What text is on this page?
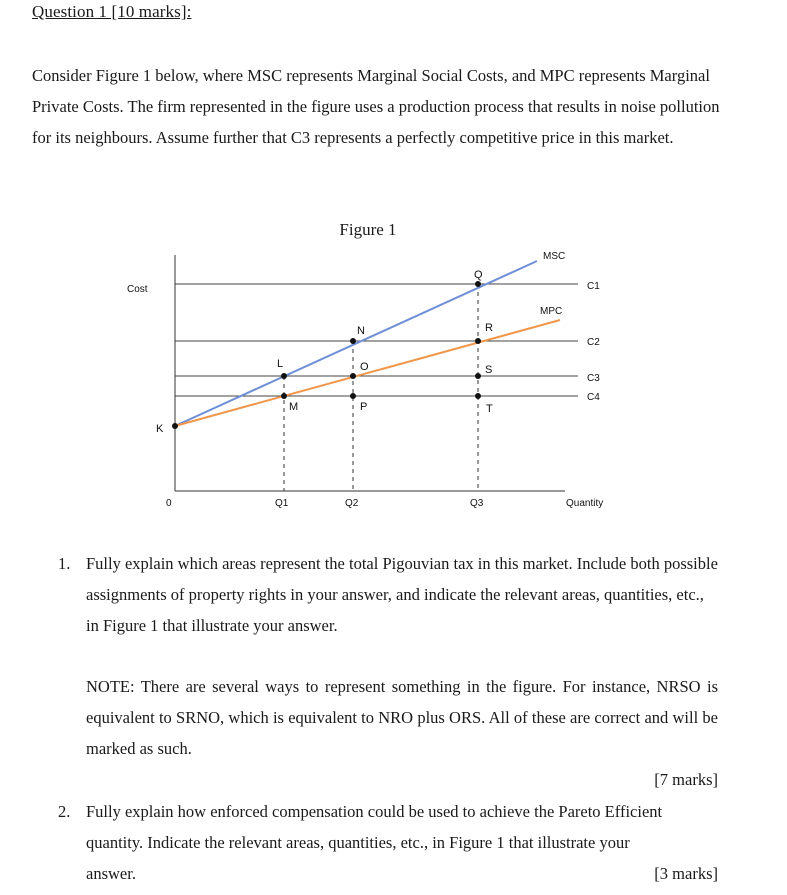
Question 1 [10 marks]:

Consider Figure 1 below, where MSC represents Marginal Social Costs, and MPC represents Marginal Private Costs. The firm represented in the figure uses a production process that results in noise pollution for its neighbours. Assume further that C3 represents a perfectly competitive price in this market.

Figure 1
Cost
Quantity
0
MSC
MPC
C1
C2
C3
C4
Q1	Q2	Q3
K
L
M
N
O
P
Q
R
S
T
1. Fully explain which areas represent the total Pigouvian tax in this market. Include both possible assignments of property rights in your answer, and indicate the relevant areas, quantities, etc., in Figure 1 that illustrate your answer.

NOTE: There are several ways to represent something in the figure. For instance, NRSO is equivalent to SRNO, which is equivalent to NRO plus ORS. All of these are correct and will be marked as such.

[7 marks]
2. Fully explain how enforced compensation could be used to achieve the Pareto Efficient quantity. Indicate the relevant areas, quantities, etc., in Figure 1 that illustrate your

answer.	[3 marks]
